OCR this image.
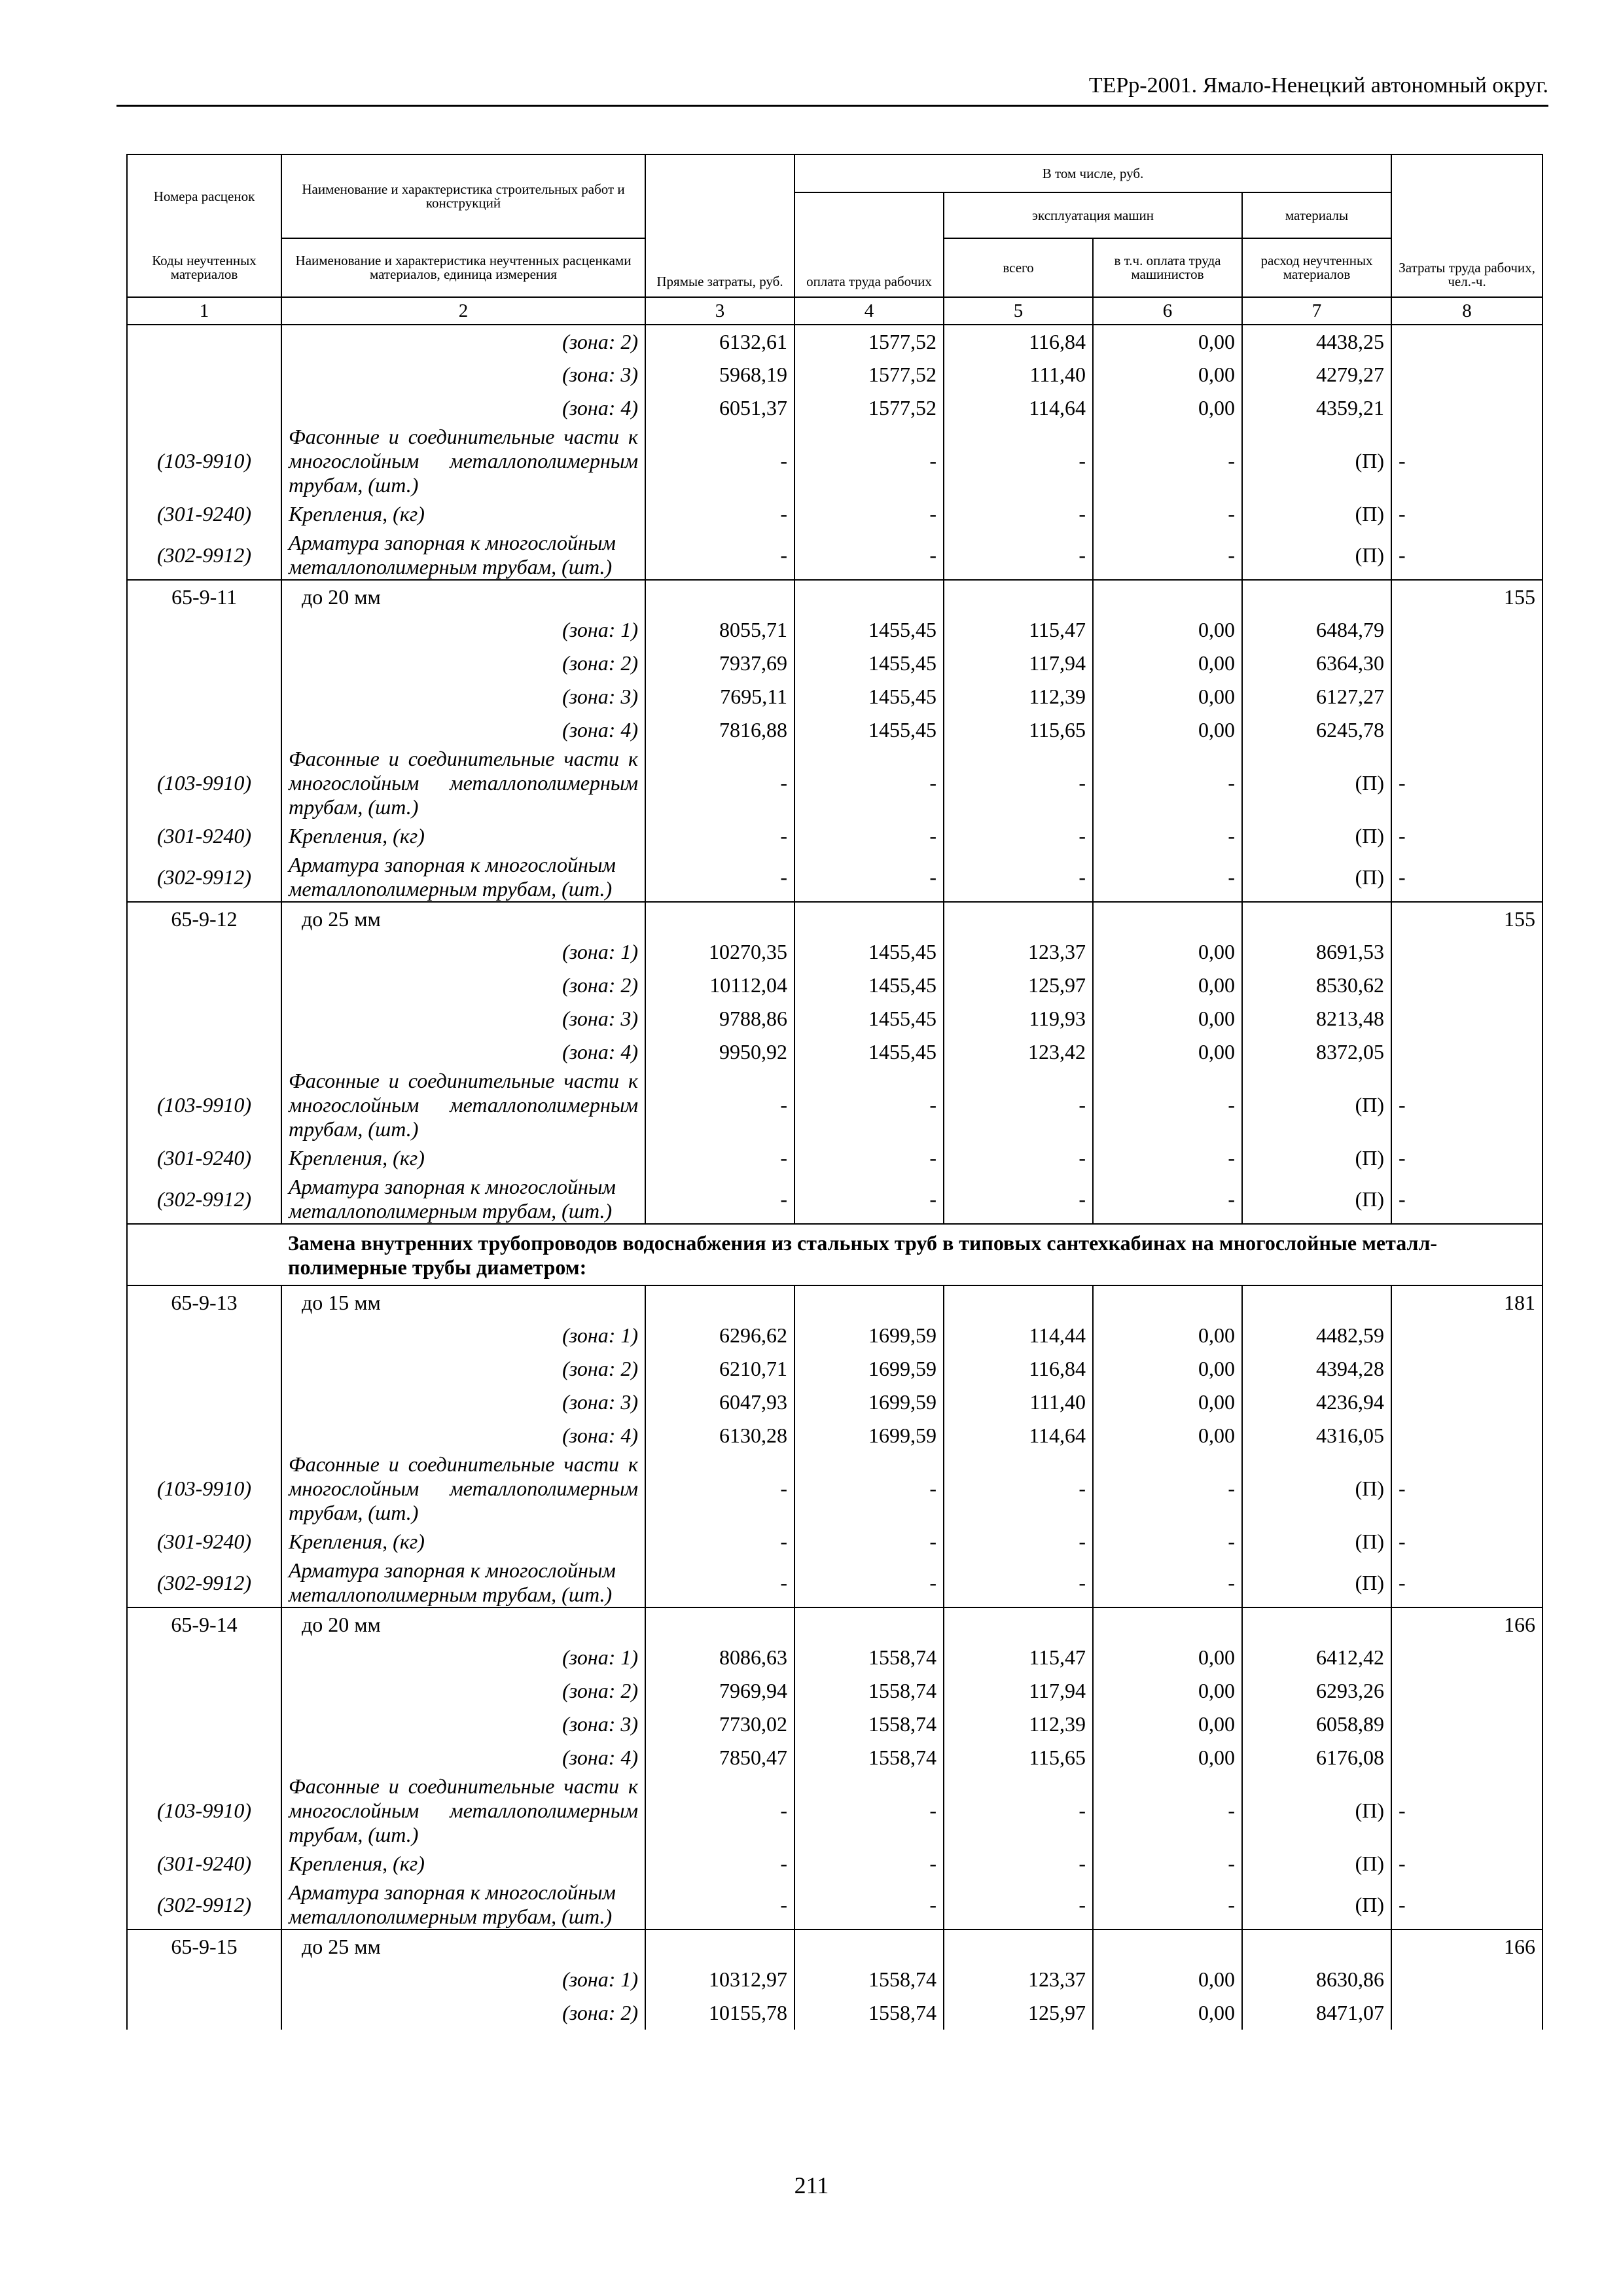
ТЕРр-2001. Ямало-Ненецкий автономный округ.
Номера расценок	Наименование и характеристика строительных работ и конструкций	Прямые затраты, руб.	В том числе, руб.				Затраты труда рабочих, чел.-ч.
			оплата труда рабочих	эксплуатация машин		материалы	
Коды неучтенных материалов	Наименование и характеристика неучтенных расценками материалов, единица измерения			всего	в т.ч. оплата труда машинистов	расход неучтенных материалов	
1	2	3	4	5	6	7	8
	(зона: 2)	6132,61	1577,52	116,84	0,00	4438,25	
	(зона: 3)	5968,19	1577,52	111,40	0,00	4279,27	
	(зона: 4)	6051,37	1577,52	114,64	0,00	4359,21	
(103-9910)	Фасонные и соединительные части к многослойным металлополимерным трубам, (шт.)	-	-	-	-	(П)	-
(301-9240)	Крепления, (кг)	-	-	-	-	(П)	-
(302-9912)	Арматура запорная к многослойным металлополимерным трубам, (шт.)	-	-	-	-	(П)	-
65-9-11	до 20 мм						155
	(зона: 1)	8055,71	1455,45	115,47	0,00	6484,79	
	(зона: 2)	7937,69	1455,45	117,94	0,00	6364,30	
	(зона: 3)	7695,11	1455,45	112,39	0,00	6127,27	
	(зона: 4)	7816,88	1455,45	115,65	0,00	6245,78	
(103-9910)	Фасонные и соединительные части к многослойным металлополимерным трубам, (шт.)	-	-	-	-	(П)	-
(301-9240)	Крепления, (кг)	-	-	-	-	(П)	-
(302-9912)	Арматура запорная к многослойным металлополимерным трубам, (шт.)	-	-	-	-	(П)	-
65-9-12	до 25 мм						155
	(зона: 1)	10270,35	1455,45	123,37	0,00	8691,53	
	(зона: 2)	10112,04	1455,45	125,97	0,00	8530,62	
	(зона: 3)	9788,86	1455,45	119,93	0,00	8213,48	
	(зона: 4)	9950,92	1455,45	123,42	0,00	8372,05	
(103-9910)	Фасонные и соединительные части к многослойным металлополимерным трубам, (шт.)	-	-	-	-	(П)	-
(301-9240)	Крепления, (кг)	-	-	-	-	(П)	-
(302-9912)	Арматура запорная к многослойным металлополимерным трубам, (шт.)	-	-	-	-	(П)	-
	Замена внутренних трубопроводов водоснабжения из стальных труб в типовых сантехкабинах на многослойные металл-полимерные трубы диаметром:						
65-9-13	до 15 мм						181
	(зона: 1)	6296,62	1699,59	114,44	0,00	4482,59	
	(зона: 2)	6210,71	1699,59	116,84	0,00	4394,28	
	(зона: 3)	6047,93	1699,59	111,40	0,00	4236,94	
	(зона: 4)	6130,28	1699,59	114,64	0,00	4316,05	
(103-9910)	Фасонные и соединительные части к многослойным металлополимерным трубам, (шт.)	-	-	-	-	(П)	-
(301-9240)	Крепления, (кг)	-	-	-	-	(П)	-
(302-9912)	Арматура запорная к многослойным металлополимерным трубам, (шт.)	-	-	-	-	(П)	-
65-9-14	до 20 мм						166
	(зона: 1)	8086,63	1558,74	115,47	0,00	6412,42	
	(зона: 2)	7969,94	1558,74	117,94	0,00	6293,26	
	(зона: 3)	7730,02	1558,74	112,39	0,00	6058,89	
	(зона: 4)	7850,47	1558,74	115,65	0,00	6176,08	
(103-9910)	Фасонные и соединительные части к многослойным металлополимерным трубам, (шт.)	-	-	-	-	(П)	-
(301-9240)	Крепления, (кг)	-	-	-	-	(П)	-
(302-9912)	Арматура запорная к многослойным металлополимерным трубам, (шт.)	-	-	-	-	(П)	-
65-9-15	до 25 мм						166
	(зона: 1)	10312,97	1558,74	123,37	0,00	8630,86	
	(зона: 2)	10155,78	1558,74	125,97	0,00	8471,07	
211
